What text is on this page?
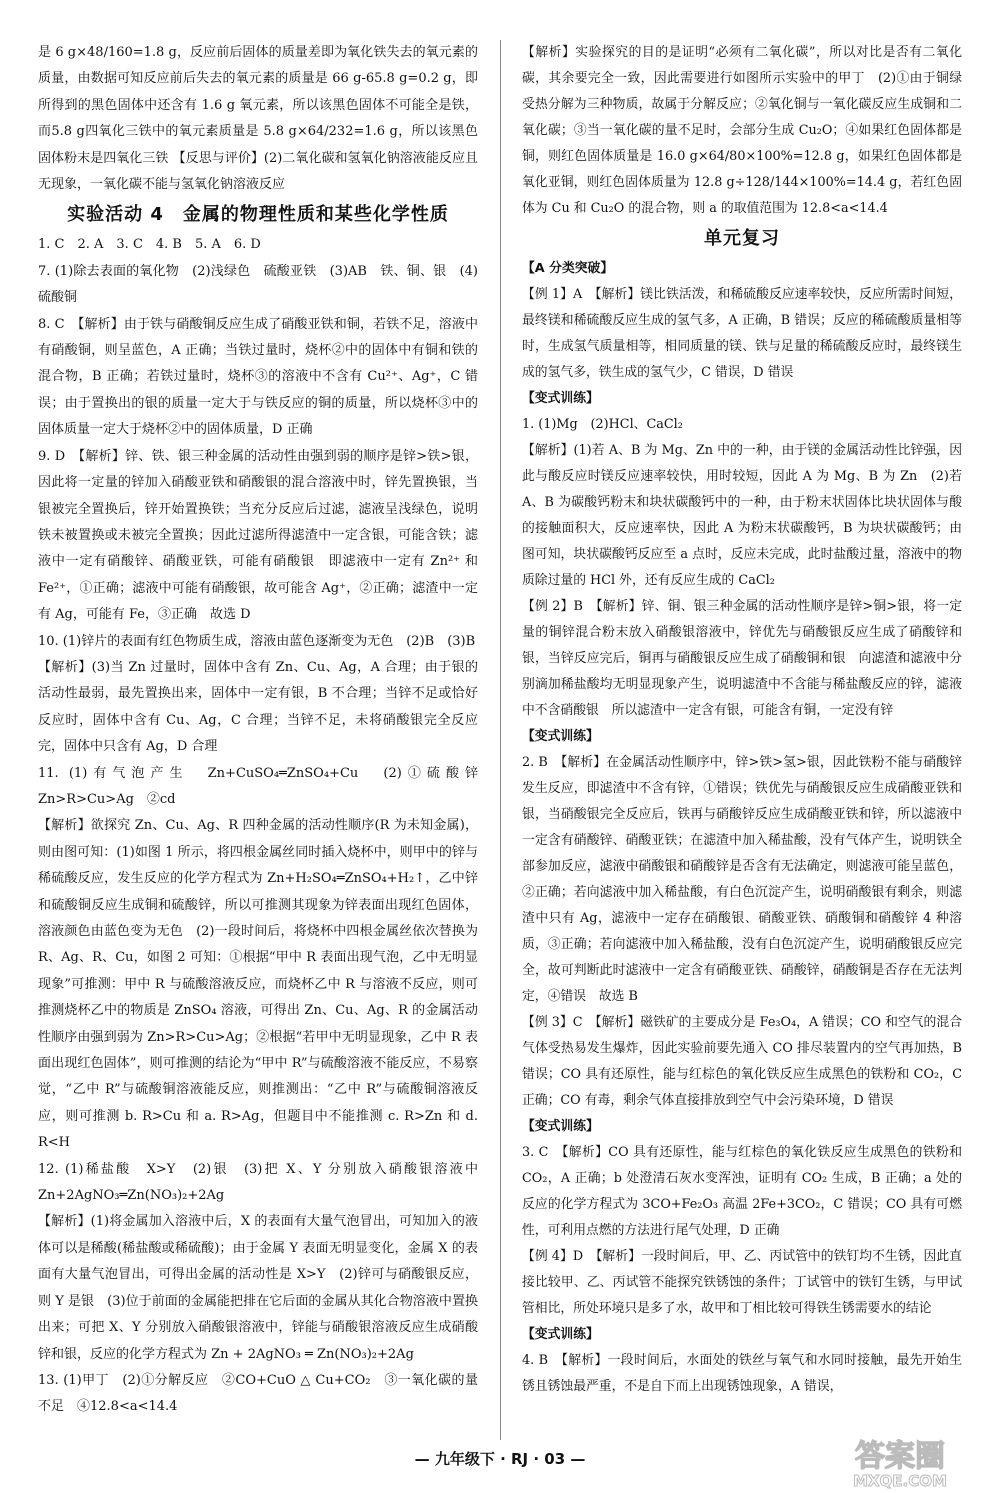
是 6 g×48/160=1.8 g，反应前后固体的质量差即为氧化铁失去的氧元素的质量，由数据可知反应前后失去的氧元素的质量是 66 g-65.8 g=0.2 g，即所得到的黑色固体中还含有 1.6 g 氧元素，所以该黑色固体不可能全是铁，而5.8 g四氧化三铁中的氧元素质量是 5.8 g×64/232=1.6 g，所以该黑色固体粉末是四氧化三铁 【反思与评价】(2)二氧化碳和氢氧化钠溶液能反应且无现象，一氧化碳不能与氢氧化钠溶液反应

实验活动 4　金属的物理性质和某些化学性质

1. C　2. A　3. C　4. B　5. A　6. D

7. (1)除去表面的氧化物　(2)浅绿色　硫酸亚铁　(3)AB　铁、铜、银　(4)硫酸铜

8. C　【解析】由于铁与硝酸铜反应生成了硝酸亚铁和铜，若铁不足，溶液中有硝酸铜，则呈蓝色，A 正确；当铁过量时，烧杯②中的固体中有铜和铁的混合物，B 正确；若铁过量时，烧杯③的溶液中不含有 Cu²⁺、Ag⁺，C 错误；由于置换出的银的质量一定大于与铁反应的铜的质量，所以烧杯③中的固体质量一定大于烧杯②中的固体质量，D 正确

9. D　【解析】锌、铁、银三种金属的活动性由强到弱的顺序是锌>铁>银，因此将一定量的锌加入硝酸亚铁和硝酸银的混合溶液中时，锌先置换银，当银被完全置换后，锌开始置换铁；当充分反应后过滤，滤液呈浅绿色，说明铁未被置换或未被完全置换；因此过滤所得滤渣中一定含银，可能含铁；滤液中一定有硝酸锌、硝酸亚铁，可能有硝酸银　即滤液中一定有 Zn²⁺ 和 Fe²⁺，①正确；滤液中可能有硝酸银，故可能含 Ag⁺，②正确；滤渣中一定有 Ag，可能有 Fe，③正确　故选 D

10. (1)锌片的表面有红色物质生成，溶液由蓝色逐渐变为无色　(2)B　(3)B

【解析】(3)当 Zn 过量时，固体中含有 Zn、Cu、Ag，A 合理；由于银的活动性最弱，最先置换出来，固体中一定有银，B 不合理；当锌不足或恰好反应时，固体中含有 Cu、Ag，C 合理；当锌不足，未将硝酸银完全反应完，固体中只含有 Ag，D 合理

11. (1)有气泡产生　Zn+CuSO₄═ZnSO₄+Cu　(2)①硫酸锌　Zn>R>Cu>Ag　②cd

【解析】欲探究 Zn、Cu、Ag、R 四种金属的活动性顺序(R 为未知金属)，则由图可知：(1)如图 1 所示，将四根金属丝同时插入烧杯中，则甲中的锌与稀硫酸反应，发生反应的化学方程式为 Zn+H₂SO₄═ZnSO₄+H₂↑，乙中锌和硫酸铜反应生成铜和硫酸锌，所以可推测其现象为锌表面出现红色固体，溶液颜色由蓝色变为无色　(2)一段时间后，将烧杯中四根金属丝依次替换为 R、Ag、R、Cu，如图 2 可知：①根据“甲中 R 表面出现气泡，乙中无明显现象”可推测：甲中 R 与硫酸溶液反应，而烧杯乙中 R 与溶液不反应，则可推测烧杯乙中的物质是 ZnSO₄ 溶液，可得出 Zn、Cu、Ag、R 的金属活动性顺序由强到弱为 Zn>R>Cu>Ag；②根据“若甲中无明显现象，乙中 R 表面出现红色固体”，则可推测的结论为“甲中 R”与硫酸溶液不能反应，不易察觉，“乙中 R”与硫酸铜溶液能反应，则推测出：“乙中 R”与硫酸铜溶液反应，则可推测 b. R>Cu 和 a. R>Ag，但题目中不能推测 c. R>Zn 和 d. R<H

12. (1)稀盐酸　X>Y　(2)银　(3)把 X、Y 分别放入硝酸银溶液中　Zn+2AgNO₃═Zn(NO₃)₂+2Ag

【解析】(1)将金属加入溶液中后，X 的表面有大量气泡冒出，可知加入的液体可以是稀酸(稀盐酸或稀硫酸)；由于金属 Y 表面无明显变化，金属 X 的表面有大量气泡冒出，可得出金属的活动性是 X>Y　(2)锌可与硝酸银反应，则 Y 是银　(3)位于前面的金属能把排在它后面的金属从其化合物溶液中置换出来；可把 X、Y 分别放入硝酸银溶液中，锌能与硝酸银溶液反应生成硝酸锌和银，反应的化学方程式为 Zn + 2AgNO₃ ═ Zn(NO₃)₂+2Ag

13. (1)甲丁　(2)①分解反应　②CO+CuO △ Cu+CO₂　③一氧化碳的量不足　④12.8<a<14.4

【解析】实验探究的目的是证明“必须有二氧化碳”，所以对比是否有二氧化碳，其余要完全一致，因此需要进行如图所示实验中的甲丁　(2)①由于铜绿受热分解为三种物质，故属于分解反应；②氧化铜与一氧化碳反应生成铜和二氧化碳；③当一氧化碳的量不足时，会部分生成 Cu₂O；④如果红色固体都是铜，则红色固体质量是 16.0 g×64/80×100%=12.8 g，如果红色固体都是氧化亚铜，则红色固体质量为 12.8 g÷128/144×100%=14.4 g，若红色固体为 Cu 和 Cu₂O 的混合物，则 a 的取值范围为 12.8<a<14.4

单元复习

【A 分类突破】

【例 1】A　【解析】镁比铁活泼，和稀硫酸反应速率较快，反应所需时间短，最终镁和稀硫酸反应生成的氢气多，A 正确，B 错误；反应的稀硫酸质量相等时，生成氢气质量相等，相同质量的镁、铁与足量的稀硫酸反应时，最终镁生成的氢气多，铁生成的氢气少，C 错误，D 错误

【变式训练】

1. (1)Mg　(2)HCl、CaCl₂

【解析】(1)若 A、B 为 Mg、Zn 中的一种，由于镁的金属活动性比锌强，因此与酸反应时镁反应速率较快，用时较短，因此 A 为 Mg、B 为 Zn　(2)若 A、B 为碳酸钙粉末和块状碳酸钙中的一种，由于粉末状固体比块状固体与酸的接触面积大，反应速率快，因此 A 为粉末状碳酸钙，B 为块状碳酸钙；由图可知，块状碳酸钙反应至 a 点时，反应未完成，此时盐酸过量，溶液中的物质除过量的 HCl 外，还有反应生成的 CaCl₂

【例 2】B　【解析】锌、铜、银三种金属的活动性顺序是锌>铜>银，将一定量的铜锌混合粉末放入硝酸银溶液中，锌优先与硝酸银反应生成了硝酸锌和银，当锌反应完后，铜再与硝酸银反应生成了硝酸铜和银　向滤渣和滤液中分别滴加稀盐酸均无明显现象产生，说明滤渣中不含能与稀盐酸反应的锌，滤液中不含硝酸银　所以滤渣中一定含有银，可能含有铜，一定没有锌

【变式训练】

2. B　【解析】在金属活动性顺序中，锌>铁>氢>银，因此铁粉不能与硝酸锌发生反应，即滤渣中不含有锌，①错误；铁优先与硝酸银反应生成硝酸亚铁和银，当硝酸银完全反应后，铁再与硝酸锌反应生成硝酸亚铁和锌，所以滤液中一定含有硝酸锌、硝酸亚铁；在滤渣中加入稀盐酸，没有气体产生，说明铁全部参加反应，滤液中硝酸银和硝酸锌是否含有无法确定，则滤液可能呈蓝色，②正确；若向滤液中加入稀盐酸，有白色沉淀产生，说明硝酸银有剩余，则滤渣中只有 Ag，滤液中一定存在硝酸银、硝酸亚铁、硝酸铜和硝酸锌 4 种溶质，③正确；若向滤液中加入稀盐酸，没有白色沉淀产生，说明硝酸银反应完全，故可判断此时滤液中一定含有硝酸亚铁、硝酸锌，硝酸铜是否存在无法判定，④错误　故选 B

【例 3】C　【解析】磁铁矿的主要成分是 Fe₃O₄，A 错误；CO 和空气的混合气体受热易发生爆炸，因此实验前要先通入 CO 排尽装置内的空气再加热，B 错误；CO 具有还原性，能与红棕色的氧化铁反应生成黑色的铁粉和 CO₂，C 正确；CO 有毒，剩余气体直接排放到空气中会污染环境，D 错误

【变式训练】

3. C　【解析】CO 具有还原性，能与红棕色的氧化铁反应生成黑色的铁粉和 CO₂，A 正确；b 处澄清石灰水变浑浊，证明有 CO₂ 生成，B 正确；a 处的反应的化学方程式为 3CO+Fe₂O₃ 高温 2Fe+3CO₂，C 错误；CO 具有可燃性，可利用点燃的方法进行尾气处理，D 正确

【例 4】D　【解析】一段时间后，甲、乙、丙试管中的铁钉均不生锈，因此直接比较甲、乙、丙试管不能探究铁锈蚀的条件；丁试管中的铁钉生锈，与甲试管相比，所处环境只是多了水，故甲和丁相比较可得铁生锈需要水的结论

【变式训练】

4. B　【解析】一段时间后，水面处的铁丝与氧气和水同时接触，最先开始生锈且锈蚀最严重，不是自下而上出现锈蚀现象，A 错误，

— 九年级下 · RJ · 03 —	答案圈
MXQE.COM
